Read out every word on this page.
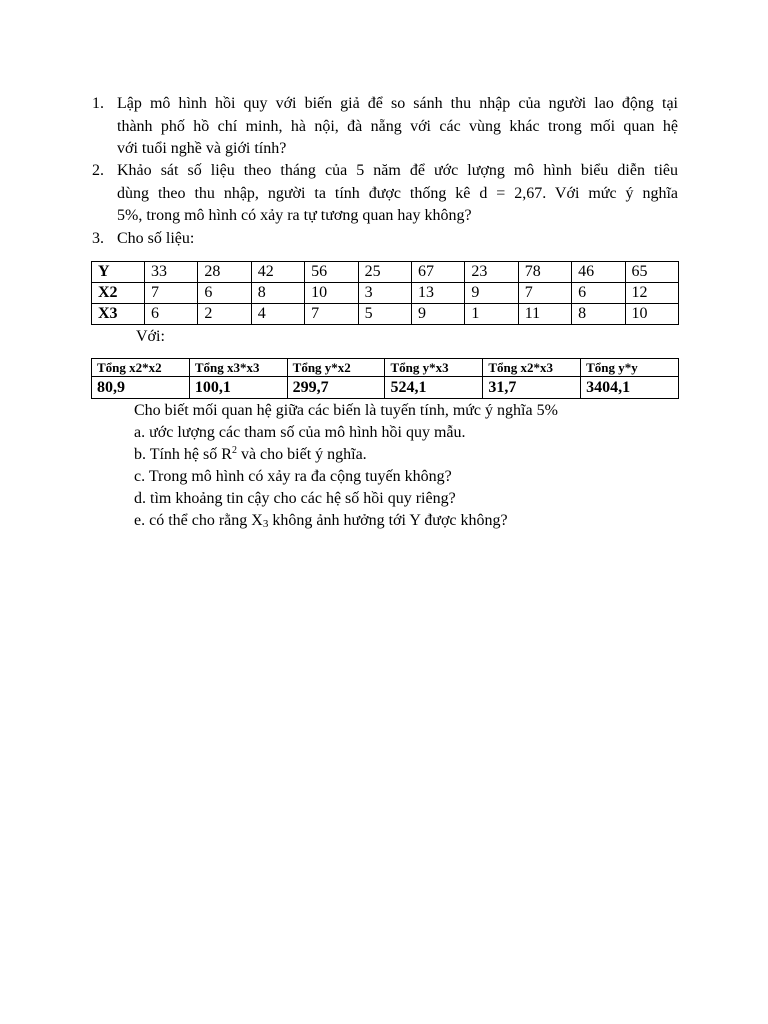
1. Lập mô hình hồi quy với biến giả để so sánh thu nhập của người lao động tại
thành phố hồ chí minh, hà nội, đà nẵng với các vùng khác trong mối quan hệ
với tuổi nghề và giới tính?
2. Khảo sát số liệu theo tháng của 5 năm để ước lượng mô hình biểu diễn tiêu
dùng theo thu nhập, người ta tính được thống kê d = 2,67. Với mức ý nghĩa
5%, trong mô hình có xảy ra tự tương quan hay không?
3. Cho số liệu:
Y	33	28	42	56	25	67	23	78	46	65
X2	7	6	8	10	3	13	9	7	6	12
X3	6	2	4	7	5	9	1	11	8	10
Với:
Tổng x2*x2	Tổng x3*x3	Tổng y*x2	Tổng y*x3	Tổng x2*x3	Tổng y*y
80,9	100,1	299,7	524,1	31,7	3404,1
Cho biết mối quan hệ giữa các biến là tuyến tính, mức ý nghĩa 5%
a. ước lượng các tham số của mô hình hồi quy mẫu.
b. Tính hệ số $R^2$ và cho biết ý nghĩa.
c. Trong mô hình có xảy ra đa cộng tuyến không?
d. tìm khoảng tin cậy cho các hệ số hồi quy riêng?
e. có thể cho rằng $X_3$ không ảnh hưởng tới Y được không?
